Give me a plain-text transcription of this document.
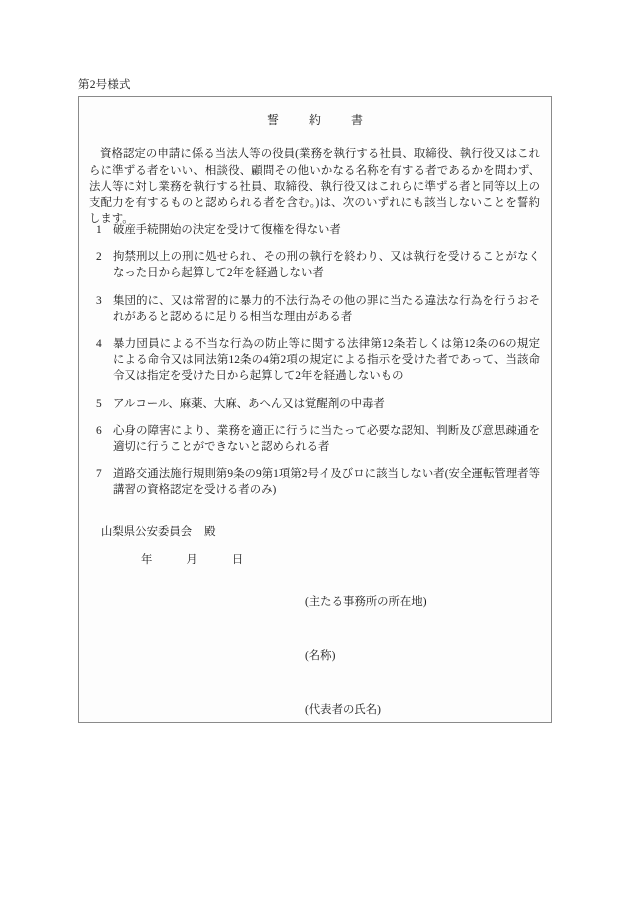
第2号様式
誓　約　書

資格認定の申請に係る当法人等の役員(業務を執行する社員、取締役、執行役又はこれらに準ずる者をいい、相談役、顧問その他いかなる名称を有する者であるかを問わず、法人等に対し業務を執行する社員、取締役、執行役又はこれらに準ずる者と同等以上の支配力を有するものと認められる者を含む。)は、次のいずれにも該当しないことを誓約します。

1 破産手続開始の決定を受けて復権を得ない者
2 拘禁刑以上の刑に処せられ、その刑の執行を終わり、又は執行を受けることがなくなった日から起算して2年を経過しない者
3 集団的に、又は常習的に暴力的不法行為その他の罪に当たる違法な行為を行うおそれがあると認めるに足りる相当な理由がある者
4 暴力団員による不当な行為の防止等に関する法律第12条若しくは第12条の6の規定による命令又は同法第12条の4第2項の規定による指示を受けた者であって、当該命令又は指定を受けた日から起算して2年を経過しないもの
5 アルコール、麻薬、大麻、あへん又は覚醒剤の中毒者
6 心身の障害により、業務を適正に行うに当たって必要な認知、判断及び意思疎通を適切に行うことができないと認められる者
7 道路交通法施行規則第9条の9第1項第2号イ及びロに該当しない者(安全運転管理者等講習の資格認定を受ける者のみ)
山梨県公安委員会 殿
年	月	日
(主たる事務所の所在地)
(名称)
(代表者の氏名)
